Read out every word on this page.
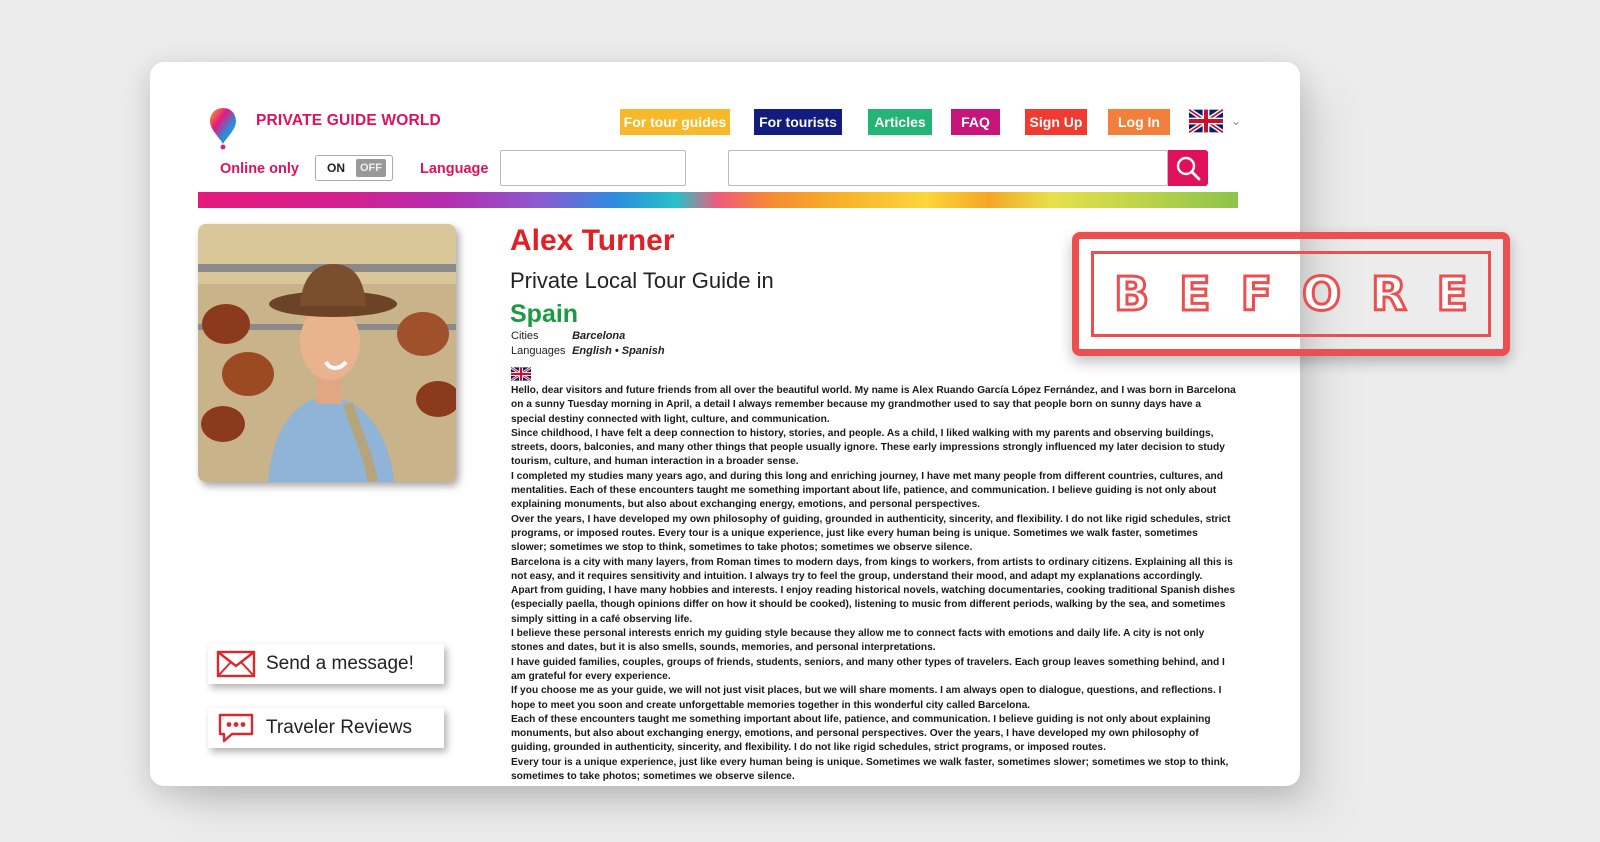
PRIVATE GUIDE WORLD	For tour guides	For tourists	Articles	FAQ	Sign Up	Log In	⌄
Online only	ON	OFF	Language
Alex Turner
Private Local Tour Guide in
Spain
Cities	Barcelona
Languages English • Spanish

Hello, dear visitors and future friends from all over the beautiful world. My name is Alex Ruando García López Fernández, and I was born in Barcelona on a sunny Tuesday morning in April, a detail I always remember because my grandmother used to say that people born on sunny days have a special destiny connected with light, culture, and communication.

Since childhood, I have felt a deep connection to history, stories, and people. As a child, I liked walking with my parents and observing buildings, streets, doors, balconies, and many other things that people usually ignore. These early impressions strongly influenced my later decision to study tourism, culture, and human interaction in a broader sense.

I completed my studies many years ago, and during this long and enriching journey, I have met many people from different countries, cultures, and mentalities. Each of these encounters taught me something important about life, patience, and communication. I believe guiding is not only about explaining monuments, but also about exchanging energy, emotions, and personal perspectives.

Over the years, I have developed my own philosophy of guiding, grounded in authenticity, sincerity, and flexibility. I do not like rigid schedules, strict programs, or imposed routes. Every tour is a unique experience, just like every human being is unique. Sometimes we walk faster, sometimes slower; sometimes we stop to think, sometimes to take photos; sometimes we observe silence.

Barcelona is a city with many layers, from Roman times to modern days, from kings to workers, from artists to ordinary citizens. Explaining all this is not easy, and it requires sensitivity and intuition. I always try to feel the group, understand their mood, and adapt my explanations accordingly.

Apart from guiding, I have many hobbies and interests. I enjoy reading historical novels, watching documentaries, cooking traditional Spanish dishes (especially paella, though opinions differ on how it should be cooked), listening to music from different periods, walking by the sea, and sometimes simply sitting in a café observing life.

I believe these personal interests enrich my guiding style because they allow me to connect facts with emotions and daily life. A city is not only stones and dates, but it is also smells, sounds, memories, and personal interpretations.

I have guided families, couples, groups of friends, students, seniors, and many other types of travelers. Each group leaves something behind, and I am grateful for every experience.

If you choose me as your guide, we will not just visit places, but we will share moments. I am always open to dialogue, questions, and reflections. I hope to meet you soon and create unforgettable memories together in this wonderful city called Barcelona.

Each of these encounters taught me something important about life, patience, and communication. I believe guiding is not only about explaining monuments, but also about exchanging energy, emotions, and personal perspectives. Over the years, I have developed my own philosophy of guiding, grounded in authenticity, sincerity, and flexibility. I do not like rigid schedules, strict programs, or imposed routes.

Every tour is a unique experience, just like every human being is unique. Sometimes we walk faster, sometimes slower; sometimes we stop to think, sometimes to take photos; sometimes we observe silence.

Send a message!
Traveler Reviews
BEFORE
